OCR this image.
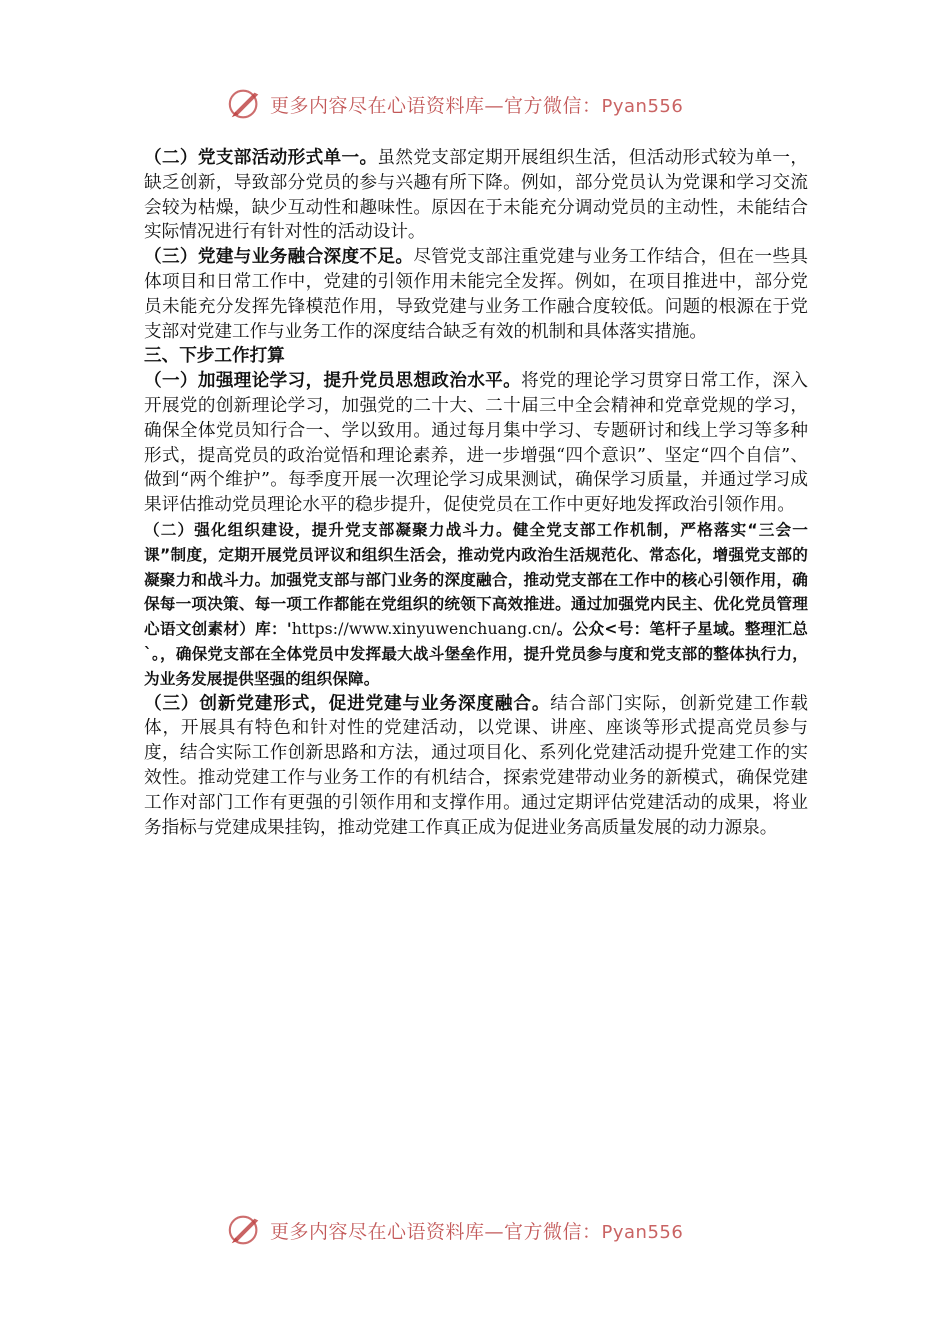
更多内容尽在心语资料库—官方微信：Pyan556

（二）党支部活动形式单一。虽然党支部定期开展组织生活，但活动形式较为单一，缺乏创新，导致部分党员的参与兴趣有所下降。例如，部分党员认为党课和学习交流会较为枯燥，缺少互动性和趣味性。原因在于未能充分调动党员的主动性，未能结合实际情况进行有针对性的活动设计。

（三）党建与业务融合深度不足。尽管党支部注重党建与业务工作结合，但在一些具体项目和日常工作中，党建的引领作用未能完全发挥。例如，在项目推进中，部分党员未能充分发挥先锋模范作用，导致党建与业务工作融合度较低。问题的根源在于党支部对党建工作与业务工作的深度结合缺乏有效的机制和具体落实措施。

三、下步工作打算

（一）加强理论学习，提升党员思想政治水平。将党的理论学习贯穿日常工作，深入开展党的创新理论学习，加强党的二十大、二十届三中全会精神和党章党规的学习，确保全体党员知行合一、学以致用。通过每月集中学习、专题研讨和线上学习等多种形式，提高党员的政治觉悟和理论素养，进一步增强“四个意识”、坚定“四个自信”、做到“两个维护”。每季度开展一次理论学习成果测试，确保学习质量，并通过学习成果评估推动党员理论水平的稳步提升，促使党员在工作中更好地发挥政治引领作用。

（二）强化组织建设，提升党支部凝聚力战斗力。健全党支部工作机制，严格落实“三会一课”制度，定期开展党员评议和组织生活会，推动党内政治生活规范化、常态化，增强党支部的凝聚力和战斗力。加强党支部与部门业务的深度融合，推动党支部在工作中的核心引领作用，确保每一项决策、每一项工作都能在党组织的统领下高效推进。通过加强党内民主、优化党员管理心语文创素材）库：'https://www.xinyuwenchuang.cn/。公众<号：笔杆子星域。整理汇总`。，确保党支部在全体党员中发挥最大战斗堡垒作用，提升党员参与度和党支部的整体执行力，为业务发展提供坚强的组织保障。

（三）创新党建形式，促进党建与业务深度融合。结合部门实际，创新党建工作载体，开展具有特色和针对性的党建活动，以党课、讲座、座谈等形式提高党员参与度，结合实际工作创新思路和方法，通过项目化、系列化党建活动提升党建工作的实效性。推动党建工作与业务工作的有机结合，探索党建带动业务的新模式，确保党建工作对部门工作有更强的引领作用和支撑作用。通过定期评估党建活动的成果，将业务指标与党建成果挂钩，推动党建工作真正成为促进业务高质量发展的动力源泉。

更多内容尽在心语资料库—官方微信：Pyan556
